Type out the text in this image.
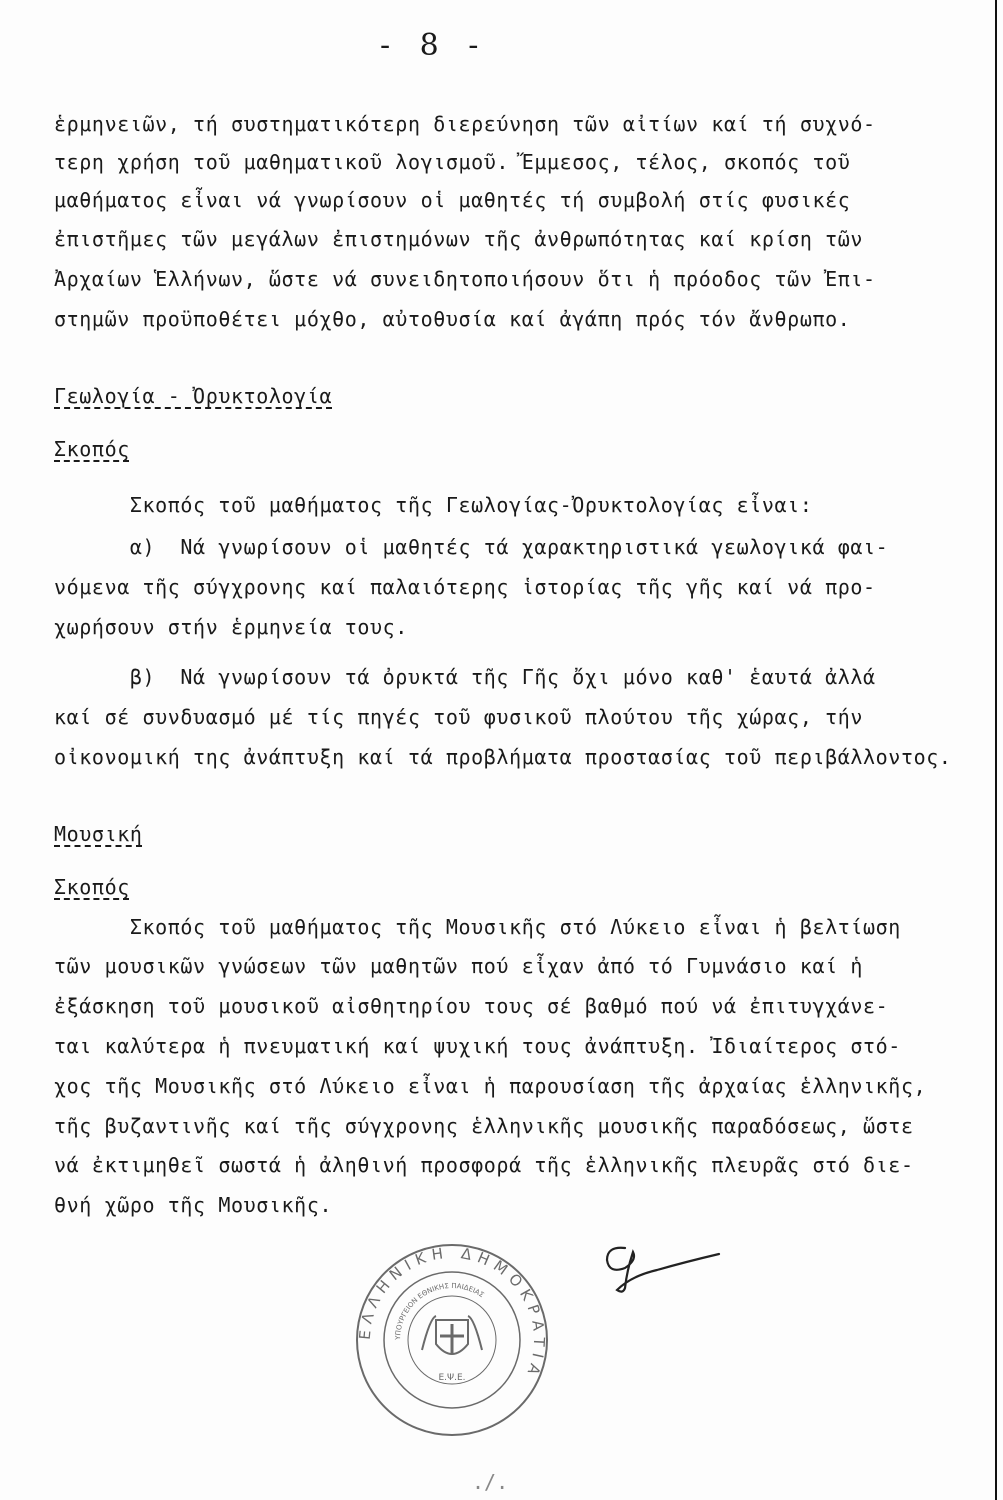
- 8 -
ἑρμηνειῶν, τή συστηματικότερη διερεύνηση τῶν αἰτίων καί τή συχνό-
τερη χρήση τοῦ μαθηματικοῦ λογισμοῦ. Ἔμμεσος, τέλος, σκοπός τοῦ
μαθήματος εἶναι νά γνωρίσουν οἱ μαθητές τή συμβολή στίς φυσικές
ἐπιστῆμες τῶν μεγάλων ἐπιστημόνων τῆς ἀνθρωπότητας καί κρίση τῶν
Ἀρχαίων Ἑλλήνων, ὥστε νά συνειδητοποιήσουν ὅτι ἡ πρόοδος τῶν Ἐπι-
στημῶν προϋποθέτει μόχθο, αὐτοθυσία καί ἀγάπη πρός τόν ἄνθρωπο.
Γεωλογία - Ὀρυκτολογία
Σκοπός
Σκοπός τοῦ μαθήματος τῆς Γεωλογίας-Ὀρυκτολογίας εἶναι:
α)  Νά γνωρίσουν οἱ μαθητές τά χαρακτηριστικά γεωλογικά φαι-
νόμενα τῆς σύγχρονης καί παλαιότερης ἱστορίας τῆς γῆς καί νά προ-
χωρήσουν στήν ἑρμηνεία τους.
β)  Νά γνωρίσουν τά ὀρυκτά τῆς Γῆς ὄχι μόνο καθ' ἑαυτά ἀλλά
καί σέ συνδυασμό μέ τίς πηγές τοῦ φυσικοῦ πλούτου τῆς χώρας, τήν
οἰκονομική της ἀνάπτυξη καί τά προβλήματα προστασίας τοῦ περιβάλλοντος.
Μουσική
Σκοπός
Σκοπός τοῦ μαθήματος τῆς Μουσικῆς στό Λύκειο εἶναι ἡ βελτίωση
τῶν μουσικῶν γνώσεων τῶν μαθητῶν πού εἶχαν ἀπό τό Γυμνάσιο καί ἡ
ἐξάσκηση τοῦ μουσικοῦ αἰσθητηρίου τους σέ βαθμό πού νά ἐπιτυγχάνε-
ται καλύτερα ἡ πνευματική καί ψυχική τους ἀνάπτυξη. Ἰδιαίτερος στό-
χος τῆς Μουσικῆς στό Λύκειο εἶναι ἡ παρουσίαση τῆς ἀρχαίας ἑλληνικῆς,
τῆς βυζαντινῆς καί τῆς σύγχρονης ἑλληνικῆς μουσικῆς παραδόσεως, ὥστε
νά ἐκτιμηθεῖ σωστά ἡ ἀληθινή προσφορά τῆς ἑλληνικῆς πλευρᾶς στό διε-
θνή χῶρο τῆς Μουσικῆς.
ΕΛΛΗΝΙΚΗ ΔΗΜΟΚΡΑΤΙΑ
ΥΠΟΥΡΓΕΙΟΝ ΕΘΝΙΚΗΣ ΠΑΙΔΕΙΑΣ
Ε.Ψ.Ε.
./.
